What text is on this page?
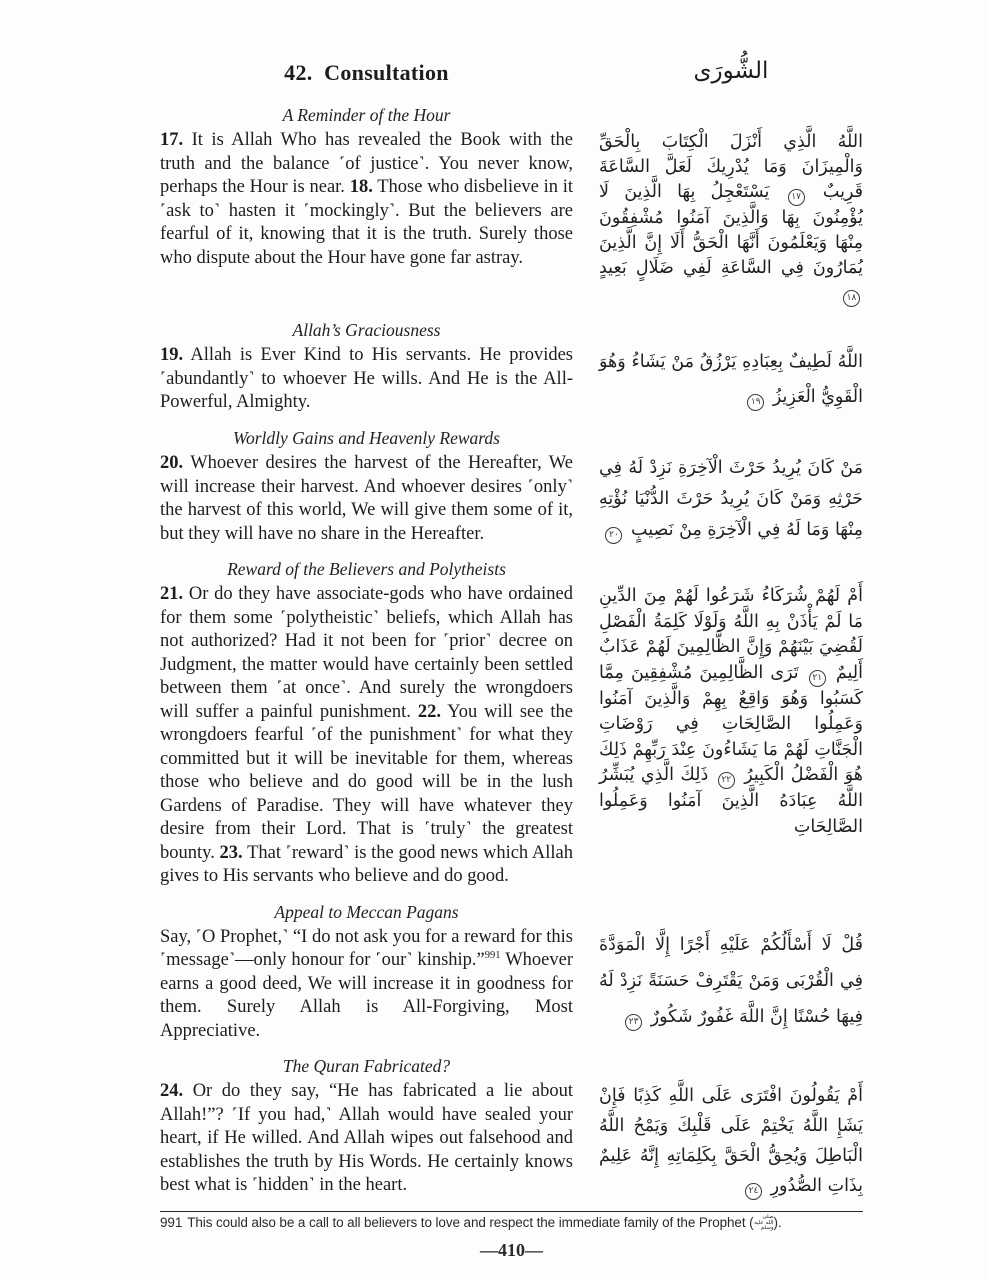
42.  Consultation	الشُّورَى
A Reminder of the Hour

17. It is Allah Who has revealed the Book with the truth and the balance ˹of justice˺. You never know, perhaps the Hour is near. 18. Those who disbelieve in it ˹ask to˺ hasten it ˹mockingly˺. But the believers are fearful of it, knowing that it is the truth. Surely those who dispute about the Hour have gone far astray.

اللَّهُ الَّذِي أَنْزَلَ الْكِتَابَ بِالْحَقِّ وَالْمِيزَانَ وَمَا يُدْرِيكَ لَعَلَّ السَّاعَةَ قَرِيبٌ ١٧ يَسْتَعْجِلُ بِهَا الَّذِينَ لَا يُؤْمِنُونَ بِهَا وَالَّذِينَ آمَنُوا مُشْفِقُونَ مِنْهَا وَيَعْلَمُونَ أَنَّهَا الْحَقُّ أَلَا إِنَّ الَّذِينَ يُمَارُونَ فِي السَّاعَةِ لَفِي ضَلَالٍ بَعِيدٍ ١٨

Allah’s Graciousness

19. Allah is Ever Kind to His servants. He provides ˹abundantly˺ to whoever He wills. And He is the All-Powerful, Almighty.

اللَّهُ لَطِيفٌ بِعِبَادِهِ يَرْزُقُ مَنْ يَشَاءُ وَهُوَ الْقَوِيُّ الْعَزِيزُ ١٩

Worldly Gains and Heavenly Rewards

20. Whoever desires the harvest of the Hereafter, We will increase their harvest. And whoever desires ˹only˺ the harvest of this world, We will give them some of it, but they will have no share in the Hereafter.

مَنْ كَانَ يُرِيدُ حَرْثَ الْآخِرَةِ نَزِدْ لَهُ فِي حَرْثِهِ وَمَنْ كَانَ يُرِيدُ حَرْثَ الدُّنْيَا نُؤْتِهِ مِنْهَا وَمَا لَهُ فِي الْآخِرَةِ مِنْ نَصِيبٍ ٢٠

Reward of the Believers and Polytheists

21. Or do they have associate-gods who have ordained for them some ˹polytheistic˺ beliefs, which Allah has not authorized? Had it not been for ˹prior˺ decree on Judgment, the matter would have certainly been settled between them ˹at once˺. And surely the wrongdoers will suffer a painful punishment. 22. You will see the wrongdoers fearful ˹of the punishment˺ for what they committed but it will be inevitable for them, whereas those who believe and do good will be in the lush Gardens of Paradise. They will have whatever they desire from their Lord. That is ˹truly˺ the greatest bounty. 23. That ˹reward˺ is the good news which Allah gives to His servants who believe and do good.

أَمْ لَهُمْ شُرَكَاءُ شَرَعُوا لَهُمْ مِنَ الدِّينِ مَا لَمْ يَأْذَنْ بِهِ اللَّهُ وَلَوْلَا كَلِمَةُ الْفَصْلِ لَقُضِيَ بَيْنَهُمْ وَإِنَّ الظَّالِمِينَ لَهُمْ عَذَابٌ أَلِيمٌ ٢١ تَرَى الظَّالِمِينَ مُشْفِقِينَ مِمَّا كَسَبُوا وَهُوَ وَاقِعٌ بِهِمْ وَالَّذِينَ آمَنُوا وَعَمِلُوا الصَّالِحَاتِ فِي رَوْضَاتِ الْجَنَّاتِ لَهُمْ مَا يَشَاءُونَ عِنْدَ رَبِّهِمْ ذَلِكَ هُوَ الْفَضْلُ الْكَبِيرُ ٢٢ ذَلِكَ الَّذِي يُبَشِّرُ اللَّهُ عِبَادَهُ الَّذِينَ آمَنُوا وَعَمِلُوا الصَّالِحَاتِ

Appeal to Meccan Pagans

Say, ˹O Prophet,˺ “I do not ask you for a reward for this ˹message˺—only honour for ˹our˺ kinship.”$^{991}$ Whoever earns a good deed, We will increase it in goodness for them. Surely Allah is All-Forgiving, Most Appreciative.

قُلْ لَا أَسْأَلُكُمْ عَلَيْهِ أَجْرًا إِلَّا الْمَوَدَّةَ فِي الْقُرْبَى وَمَنْ يَقْتَرِفْ حَسَنَةً نَزِدْ لَهُ فِيهَا حُسْنًا إِنَّ اللَّهَ غَفُورٌ شَكُورٌ ٢٣

The Quran Fabricated?

24. Or do they say, “He has fabricated a lie about Allah!”? ˹If you had,˺ Allah would have sealed your heart, if He willed. And Allah wipes out falsehood and establishes the truth by His Words. He certainly knows best what is ˹hidden˺ in the heart.

أَمْ يَقُولُونَ افْتَرَى عَلَى اللَّهِ كَذِبًا فَإِنْ يَشَإِ اللَّهُ يَخْتِمْ عَلَى قَلْبِكَ وَيَمْحُ اللَّهُ الْبَاطِلَ وَيُحِقُّ الْحَقَّ بِكَلِمَاتِهِ إِنَّهُ عَلِيمٌ بِذَاتِ الصُّدُورِ ٢٤

991 This could also be a call to all believers to love and respect the immediate family of the Prophet ( صلى الله عليه وسلم).
—410—
